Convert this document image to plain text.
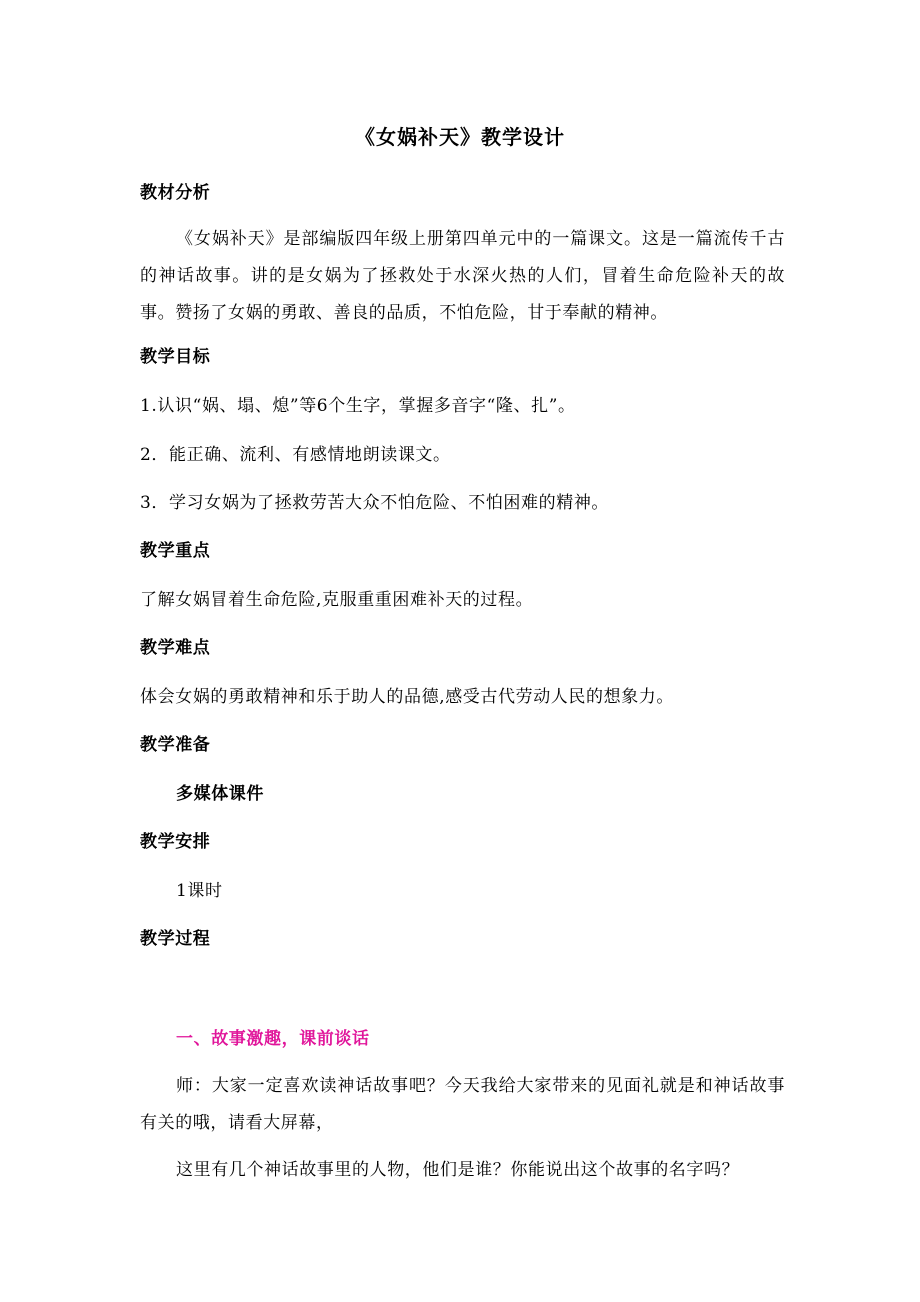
《女娲补天》教学设计
教材分析
《女娲补天》是部编版四年级上册第四单元中的一篇课文。这是一篇流传千古的神话故事。讲的是女娲为了拯救处于水深火热的人们，冒着生命危险补天的故事。赞扬了女娲的勇敢、善良的品质，不怕危险，甘于奉献的精神。
教学目标
1.认识“娲、塌、熄”等6个生字，掌握多音字“隆、扎”。
2．能正确、流利、有感情地朗读课文。
3．学习女娲为了拯救劳苦大众不怕危险、不怕困难的精神。
教学重点
了解女娲冒着生命危险,克服重重困难补天的过程。
教学难点
体会女娲的勇敢精神和乐于助人的品德,感受古代劳动人民的想象力。
教学准备
多媒体课件
教学安排
1课时
教学过程
一、故事激趣，课前谈话
师：大家一定喜欢读神话故事吧？今天我给大家带来的见面礼就是和神话故事有关的哦，请看大屏幕，
这里有几个神话故事里的人物，他们是谁？你能说出这个故事的名字吗？
